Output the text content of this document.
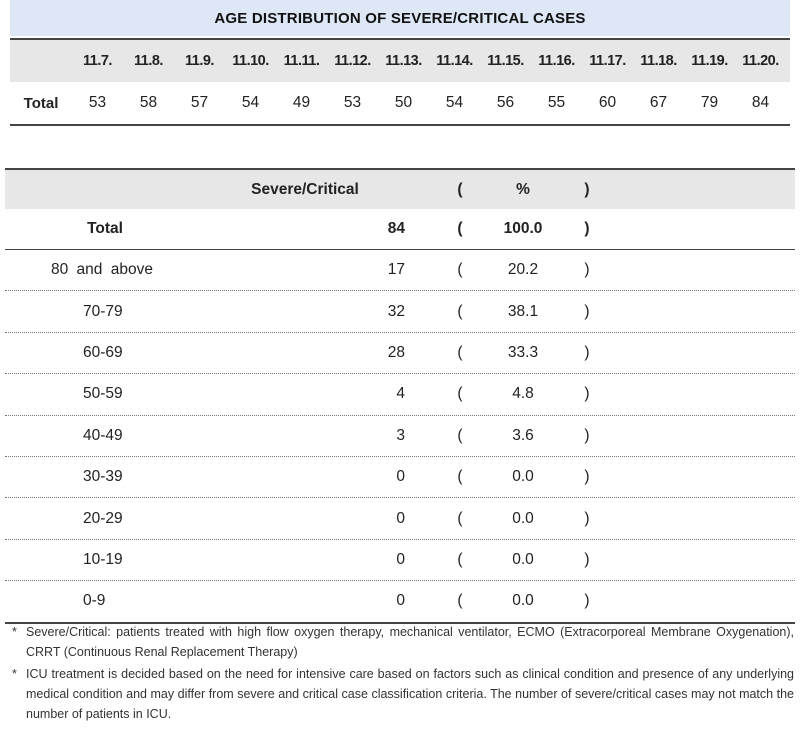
AGE DISTRIBUTION OF SEVERE/CRITICAL CASES
11.7.	11.8.	11.9.	11.10.	11.11.	11.12. 11.13. 11.14. 11.15. 11.16. 11.17. 11.18. 11.19. 11.20.
Total	53	58	57	54	49	53	50	54	56	55	60	67	79	84
Severe/Critical	(	%	)
Total	84	(	100.0	)
80 and above	17	(	20.2	)
70-79	32	(	38.1	)
60-69	28	(	33.3	)
50-59	4	(	4.8	)
40-49	3	(	3.6	)
30-39	0	(	0.0	)
20-29	0	(	0.0	)
10-19	0	(	0.0	)
0-9	0	(	0.0	)
* Severe/Critical: patients treated with high flow oxygen therapy, mechanical ventilator, ECMO (Extracorporeal Membrane Oxygenation), CRRT (Continuous Renal Replacement Therapy)
* ICU treatment is decided based on the need for intensive care based on factors such as clinical condition and presence of any underlying medical condition and may differ from severe and critical case classification criteria. The number of severe/critical cases may not match the number of patients in ICU.
